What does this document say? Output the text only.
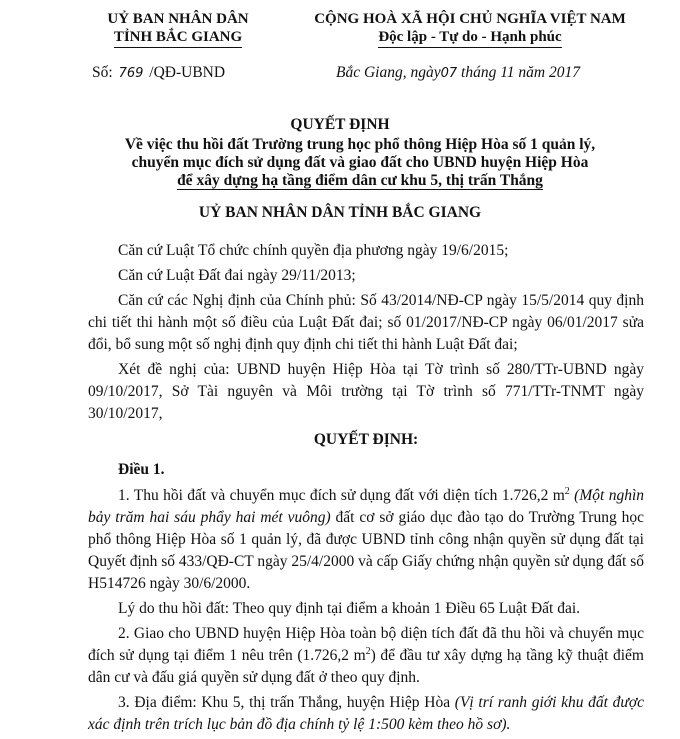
UỶ BAN NHÂN DÂN
TỈNH BẮC GIANG
CỘNG HOÀ XÃ HỘI CHỦ NGHĨA VIỆT NAM
Độc lập - Tự do - Hạnh phúc
Số: 769 /QĐ-UBND	Bắc Giang, ngày07 tháng 11 năm 2017
QUYẾT ĐỊNH
Về việc thu hồi đất Trường trung học phổ thông Hiệp Hòa số 1 quản lý,
chuyển mục đích sử dụng đất và giao đất cho UBND huyện Hiệp Hòa
để xây dựng hạ tầng điểm dân cư khu 5, thị trấn Thắng
UỶ BAN NHÂN DÂN TỈNH BẮC GIANG

Căn cứ Luật Tổ chức chính quyền địa phương ngày 19/6/2015;

Căn cứ Luật Đất đai ngày 29/11/2013;

Căn cứ các Nghị định của Chính phủ: Số 43/2014/NĐ-CP ngày 15/5/2014 quy định chi tiết thi hành một số điều của Luật Đất đai; số 01/2017/NĐ-CP ngày 06/01/2017 sửa đổi, bổ sung một số nghị định quy định chi tiết thi hành Luật Đất đai;

Xét đề nghị của: UBND huyện Hiệp Hòa tại Tờ trình số 280/TTr-UBND ngày 09/10/2017, Sở Tài nguyên và Môi trường tại Tờ trình số 771/TTr-TNMT ngày 30/10/2017,

QUYẾT ĐỊNH:
Điều 1.

1. Thu hồi đất và chuyển mục đích sử dụng đất với diện tích 1.726,2 $m^2$ (Một nghìn bảy trăm hai sáu phẩy hai mét vuông) đất cơ sở giáo dục đào tạo do Trường Trung học phổ thông Hiệp Hòa số 1 quản lý, đã được UBND tỉnh công nhận quyền sử dụng đất tại Quyết định số 433/QĐ-CT ngày 25/4/2000 và cấp Giấy chứng nhận quyền sử dụng đất số H514726 ngày 30/6/2000.

Lý do thu hồi đất: Theo quy định tại điểm a khoản 1 Điều 65 Luật Đất đai.

2. Giao cho UBND huyện Hiệp Hòa toàn bộ diện tích đất đã thu hồi và chuyển mục đích sử dụng tại điểm 1 nêu trên (1.726,2 $m^2$) để đầu tư xây dựng hạ tầng kỹ thuật điểm dân cư và đấu giá quyền sử dụng đất ở theo quy định.

3. Địa điểm: Khu 5, thị trấn Thắng, huyện Hiệp Hòa (Vị trí ranh giới khu đất được xác định trên trích lục bản đồ địa chính tỷ lệ 1:500 kèm theo hồ sơ).
